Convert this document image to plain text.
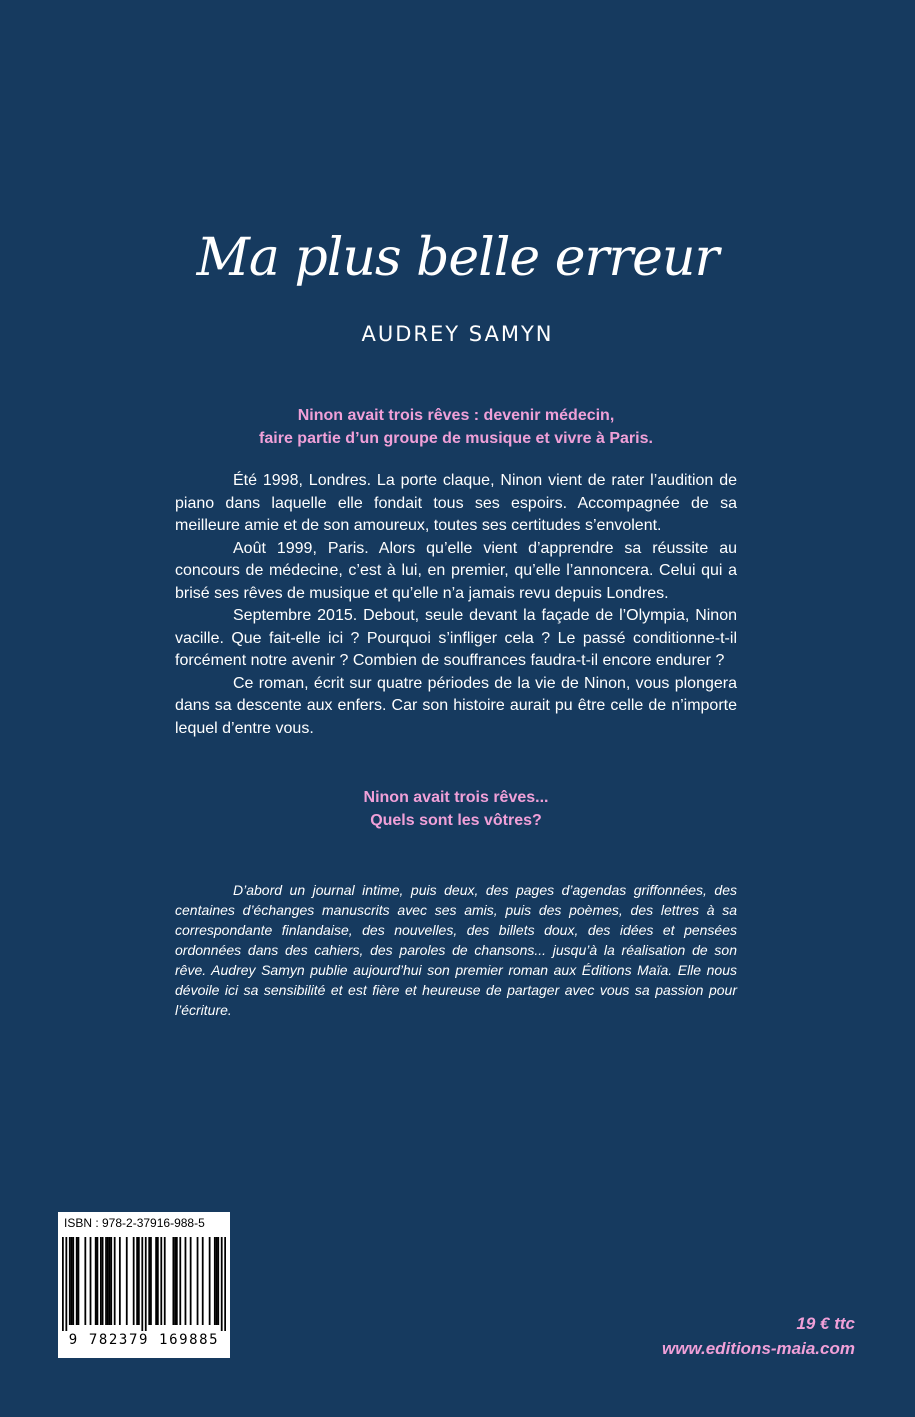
Ma plus belle erreur
AUDREY SAMYN
Ninon avait trois rêves : devenir médecin,
faire partie d’un groupe de musique et vivre à Paris.

Été 1998, Londres. La porte claque, Ninon vient de rater l’audition de piano dans laquelle elle fondait tous ses espoirs. Accompagnée de sa meilleure amie et de son amoureux, toutes ses certitudes s’envolent.

Août 1999, Paris. Alors qu’elle vient d’apprendre sa réussite au concours de médecine, c’est à lui, en premier, qu’elle l’annoncera. Celui qui a brisé ses rêves de musique et qu’elle n’a jamais revu depuis Londres.

Septembre 2015. Debout, seule devant la façade de l’Olympia, Ninon vacille. Que fait-elle ici ? Pourquoi s’infliger cela ? Le passé conditionne-t-il forcément notre avenir ? Combien de souffrances faudra-t-il encore endurer ?

Ce roman, écrit sur quatre périodes de la vie de Ninon, vous plongera dans sa descente aux enfers. Car son histoire aurait pu être celle de n’importe lequel d’entre vous.

Ninon avait trois rêves...
Quels sont les vôtres?

D’abord un journal intime, puis deux, des pages d’agendas griffonnées, des centaines d’échanges manuscrits avec ses amis, puis des poèmes, des lettres à sa correspondante finlandaise, des nouvelles, des billets doux, des idées et pensées ordonnées dans des cahiers, des paroles de chansons... jusqu’à la réalisation de son rêve. Audrey Samyn publie aujourd’hui son premier roman aux Éditions Maïa. Elle nous dévoile ici sa sensibilité et est fière et heureuse de partager avec vous sa passion pour l’écriture.

ISBN : 978-2-37916-988-5
9 782379 169885
19 € ttc
www.editions-maia.com
